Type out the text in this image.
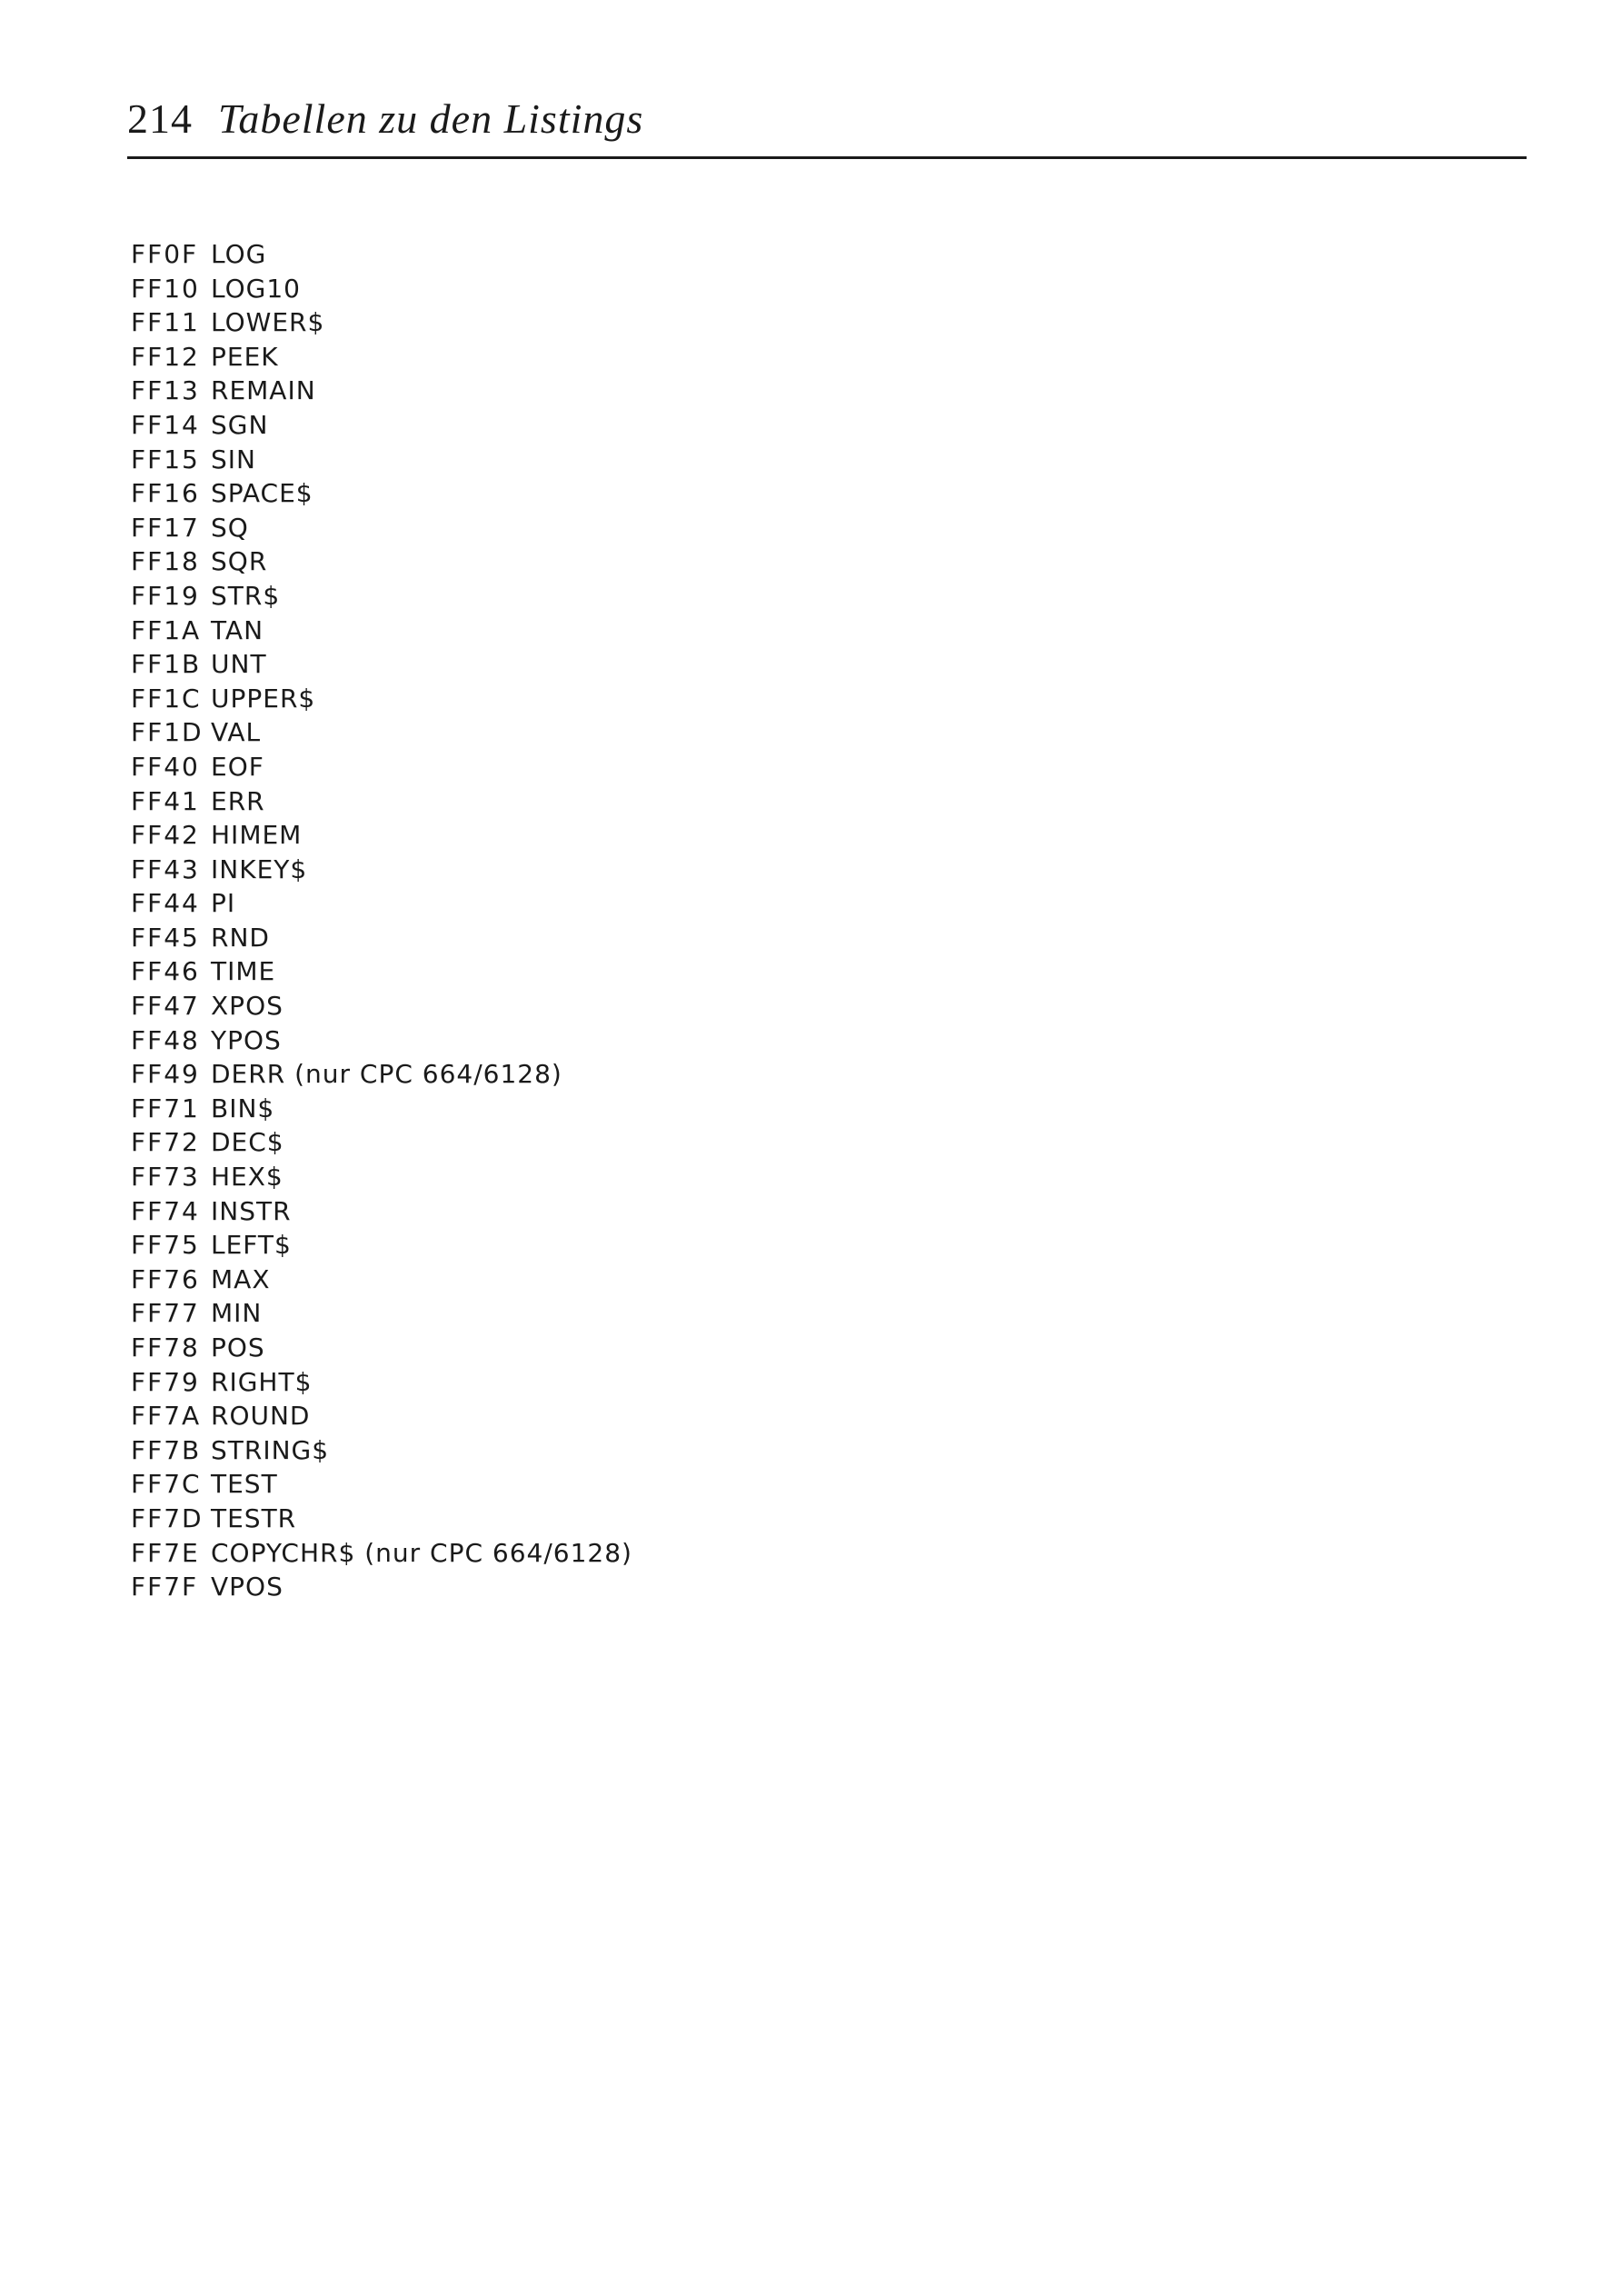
214 Tabellen zu den Listings
FF0F LOG
FF10 LOG10
FF11 LOWER$
FF12 PEEK
FF13 REMAIN
FF14 SGN
FF15 SIN
FF16 SPACE$
FF17 SQ
FF18 SQR
FF19 STR$
FF1A TAN
FF1B UNT
FF1C UPPER$
FF1D VAL
FF40 EOF
FF41 ERR
FF42 HIMEM
FF43 INKEY$
FF44 PI
FF45 RND
FF46 TIME
FF47 XPOS
FF48 YPOS
FF49 DERR (nur CPC 664/6128)
FF71 BIN$
FF72 DEC$
FF73 HEX$
FF74 INSTR
FF75 LEFT$
FF76 MAX
FF77 MIN
FF78 POS
FF79 RIGHT$
FF7A ROUND
FF7B STRING$
FF7C TEST
FF7D TESTR
FF7E COPYCHR$ (nur CPC 664/6128)
FF7F VPOS
